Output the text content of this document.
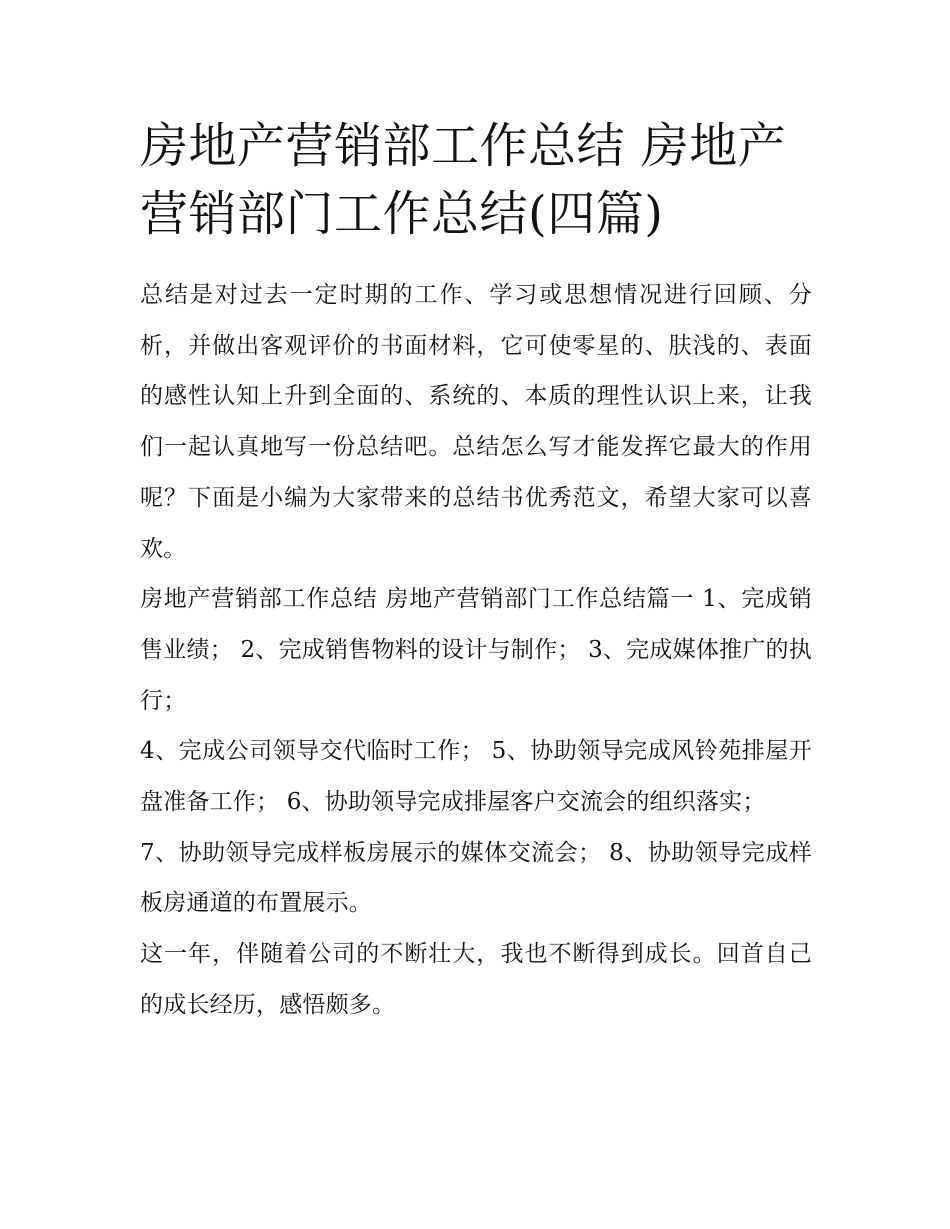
房地产营销部工作总结 房地产营销部门工作总结(四篇)

总结是对过去一定时期的工作、学习或思想情况进行回顾、分析，并做出客观评价的书面材料，它可使零星的、肤浅的、表面的感性认知上升到全面的、系统的、本质的理性认识上来，让我们一起认真地写一份总结吧。总结怎么写才能发挥它最大的作用呢？下面是小编为大家带来的总结书优秀范文，希望大家可以喜欢。

房地产营销部工作总结 房地产营销部门工作总结篇一 1、完成销售业绩； 2、完成销售物料的设计与制作； 3、完成媒体推广的执行；

4、完成公司领导交代临时工作； 5、协助领导完成风铃苑排屋开盘准备工作； 6、协助领导完成排屋客户交流会的组织落实；

7、协助领导完成样板房展示的媒体交流会； 8、协助领导完成样板房通道的布置展示。

这一年，伴随着公司的不断壮大，我也不断得到成长。回首自己的成长经历，感悟颇多。
